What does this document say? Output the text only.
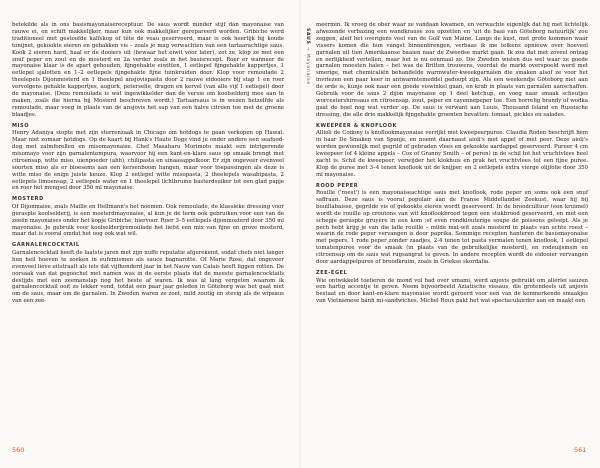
betekilde als in ons basismayonaisereceptuur. De saus wordt minder stijf dan mayonaise van rauwe ei, en schift makkelijker, maar kun ook makkelijker gerepareerd worden. Gribiche werd traditioneel met gestoofde kalfskop of tête de veau geserveerd, maar is ook heerlijk bij koude tonijnet, gekookte eieren en gebakken vis – zoals je mag verwachten van een tartaarachtige saus. Kook 2 eieren hard, haal er de dooiers uit (bewaar het eiwit voor later), zet ze, klop ze met een snuf peper en zout en de mosterd en 2a verder zoals in het basisrecept. Roer er wanneer de mayonaise klaar is de apart gehouden, fijngehakte eiwitten, 1 eetlepel fijngehakte kappertjes, 1 eetlepel sjalotten en 1–2 eetlepels fijngehakte fijne tuinkruiden door. Klop voor remoulade 2 theelepels Dijonmosterd en 1 theelepel ansjovispasta door 2 rauwe eidooiers bij stap 1 en roer vervolgens gehakte kappertjes, augurk, peterselie, dragon en kervel (van alle vijf 1 eetlepel) door de mayonaise. (Deze remoulade is wat ingewikkelder dan de versie om koolselderij mee aan te maken, zoals die hierna bij Mosterd beschreven wordt.) Tartaarsaus is in wezen hetzelfde als remoulade, maar voeg in plaats van de ansjovis het sap van een halve citroen toe met de groene blaadjes.

MISO

Henry Adaniya stopte met zijn sterrenzaak in Chicago om hotdogs te gaan verkopen op Hawaï. Maar niet zomaar hotdogs. Op de kaart bij Hank's Haute Dogs vind je onder andere een seafood-dog met zalmforellen en misomayonaise. Chef Masaharu Morimoto maakt een intrigerende misomayo voor zijn garnalentempura, waarvoor hij een kant-en-klare saus op smaak brengt met citroensap, witte miso, uienpoeder (ahh), chilipasta en sinaasappelkoor. Er zijn ongeveer evenveel soorten miso als er bloesems aan een kersenboom hangen, maar voor toepassingen als deze is witte miso de enige juiste keuze. Klop 2 eetlepel witte misopasta, 2 theelepels wasabipasta, 2 eetlepels limoensap, 2 eetlepels water en 1 theelepel lichtbruine basterdsuiker tot een glad papje en roer het mengsel door 350 ml mayonaise.

MOSTERD

Of Dijonmaise, zoals Maille en Hellmann's het noemen. Ook remoulade, de klassieke dressing voor geraspte koolselderij, is een mosterdmayonaise, al kun je de term ook gebruiken voor een van de zeeën mayonaises onder het kopje Gribiche, hiervoor. Roer 3–5 eetlepels dijonmosterd door 350 ml mayonaise. Je gebruik voor koolselderijremoulade het liefst een mix van fijne en grove mosterd, maar dat is vooral omdat het oog ook wat wil.

GARNALENCOCKTAIL

Garnalencocktail heeft de laatste jaren met zijn nuffe reputatie afgerekend, sodat chefs niet langer hun heil hoeven te zoeken in eufemismen als sauce bagnarotte. Of Marie Rose, dat ongeveer evenveel lieve uitstraalt als iets dat vijfhonderd jaar in het Nauw van Calais heeft liggen rotten. De oorsaak van dat gegoochel met namen was in de eerste plaats dat de meeste garnalencocktails destijds met een zeemanslap nog het beste af waren. Ik was al lang vergeten waarom ik garnalencocktail ooit zo lekker vond, totdat een paar jaar geleden in Göteborg was het gaat niet om de saus, maar om de garnalen. In Zweden waren ze zoet, mild zoutig en stevig als de wipsaus van een zee-

SAUS → Mayonaise

meermin. Ik vroeg de ober waar ze vandaan kwamen, en verwachte eigenlijk dat hij met lichtelijk afwezende verbazing een wandkrause zou opzetten en 'uit de baai van Göteborg natuurlijk' zou zeggen, aleif het overigens veel van de Golf van Maine. Langs de kust, met grote kommen waar vissers komen die hun vangst binnenbrengen, verbaas ik me telkens opnieuw over hoeveel garnalen uit tien Amerikaanse baaien naar de Zweedse markt gaan. Ik zou dat met zoveel ontzag en eerlijkheid vertellen, maar het is nu eenmaal zo. Die Zweden wisten dus wel waar ze goede garnalen moesten halen – het was de Britten trouwens, voordat de markt overspoeld werd met smerige, met chemicaliën behandelde warmwater-kweekgarnalen die smaken alsof ze voor het invriezen een paar keer in antwarmtemeddel gedoopt zijn. Als een weekendje Göteborg niet aan de orde is, kunje ook naar een goede viswinkel gaan, en krab in plaats van garnalen aanschaffen. Gebruik voor de saus 2 dijon mayonaise op 1 deel ketchup, en voeg naar smaak scheutjes worcestershiresaus en citroensap, zout, peper en cayennepeper toe. Een borrelig brandy of wodka gaat de boel nog wat verder op. De saus is verwant aan Louis, Thousand Island en Russische dressing, die alle drie makkelijk fijngehakte groenten bevatten: tomaat, pickles en salades.

KWEEPEER & KNOFLOOK

Allioli de Codony is knoflookmayonaise verrijkt met kweepeerpuree. Claudia Roden beschrijft hem in haar De Smaken van Spanje, en noemt daarnaast aioli's met appel of met peer. Deze aioli's worden gewoonlijk met gegrild of gebraden vlees en gekookte aardappel geserveerd. Pureer 4 cm kweepeer (of 4 kleine appels – Cox of Granny Smith – of peren) in de schil tot het vruchtvlees heel zacht is. Schil de kweepeer, verwijder het klokhuis en prak het vruchtvlees tot een fijne puree. Klop de puree met 3–4 tenen knoflook uit de knijper, en 2 eetlepels extra vierge olijfolie door 350 ml mayonaise.

ROOD PEPER

Rouille ('roest') is een mayonaiseachtige saus met knoflook, rode peper en soms ook een snuf saffraan. Deze saus is vooral populair aan de Franse Middellandse Zeekust, waar hij bij bouillabaisse, gegrilde vis of gekookte eieren wordt geserveerd. In de broodcultuur (een kruimel) wordt de rouille op croutons van wit knoflookbrood tegen een stukbrood geserveerd, en met een schepje geraspte gruyère in een kom ;ef even rondklouterige soupe de poissons geleept. Als je pech hebt krijg je van die lafle rouille – milde mat-wit zoals mosterd in plaats van echte roest – waarin de rode peper vervangen is door paprika. Sommige recepten hanteren de basismayonaise met pepers, 1 rode peper zonder zaadjes, 2-4 tenen tot pasta vermalen tenen knoflook, 1 eetlepel tomatenpuree voor de smaak (in plaats van de gebruikelijke mosterd), en rodeuijsmsin en citroensap om de saus wat rugsangrat te geven. In andere recepten wordt de eidooier vervangen door aardappelpuree of broodkruim, zoals in Griekse skordalia.

ZEE-EGEL

Wie ontwikkeld toelieren de mond vol had over umami, werd anjovis gebruikt om allerlei sauzen een hartig accentje te geven. Neem bijvoorbeeld Aziatische vissaus, die grotendeels uit anjovis bestaat en door kant-en-klare mayonaise wordt geroerd voor een van de kenmerkende smaakjes van Vietnamese bánh mì-sandwiches. Michel Roux pakt het wat spectaculairder aan en maakt een

560	561
